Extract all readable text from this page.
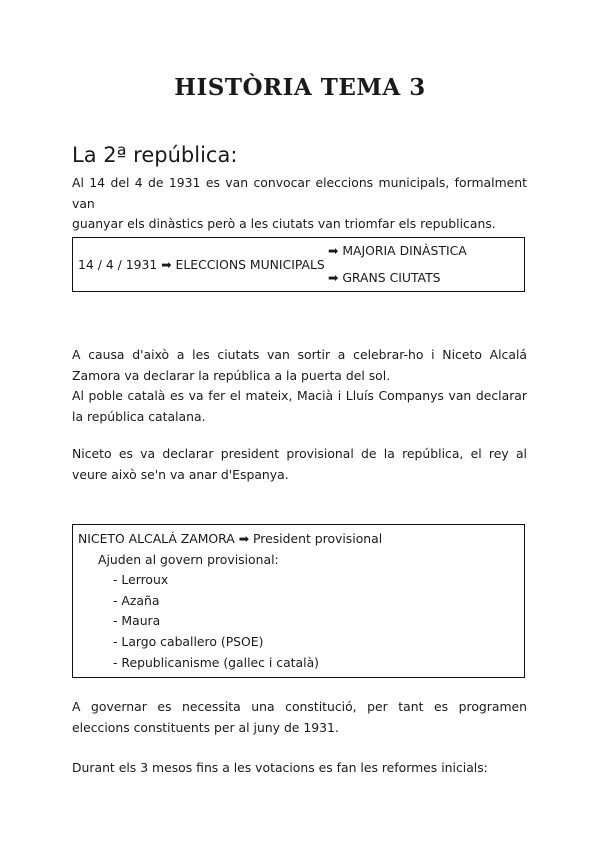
HISTÒRIA TEMA 3
La 2ª república:

Al 14 del 4 de 1931 es van convocar eleccions municipals, formalment van
guanyar els dinàstics però a les ciutats van triomfar els republicans.

14 / 4 / 1931 ➡ ELECCIONS MUNICIPALS
➡ MAJORIA DINÀSTICA
➡ GRANS CIUTATS

A causa d'això a les ciutats van sortir a celebrar-ho i Niceto Alcalá
Zamora va declarar la república a la puerta del sol.
Al poble català es va fer el mateix, Macià i Lluís Companys van declarar
la república catalana.

Niceto es va declarar president provisional de la república, el rey al
veure això se'n va anar d'Espanya.

NICETO ALCALÁ ZAMORA ➡ President provisional
Ajuden al govern provisional:
- Lerroux
- Azaña
- Maura
- Largo caballero (PSOE)
- Republicanisme (gallec i català)

A governar es necessita una constitució, per tant es programen
eleccions constituents per al juny de 1931.

Durant els 3 mesos fins a les votacions es fan les reformes inicials:
